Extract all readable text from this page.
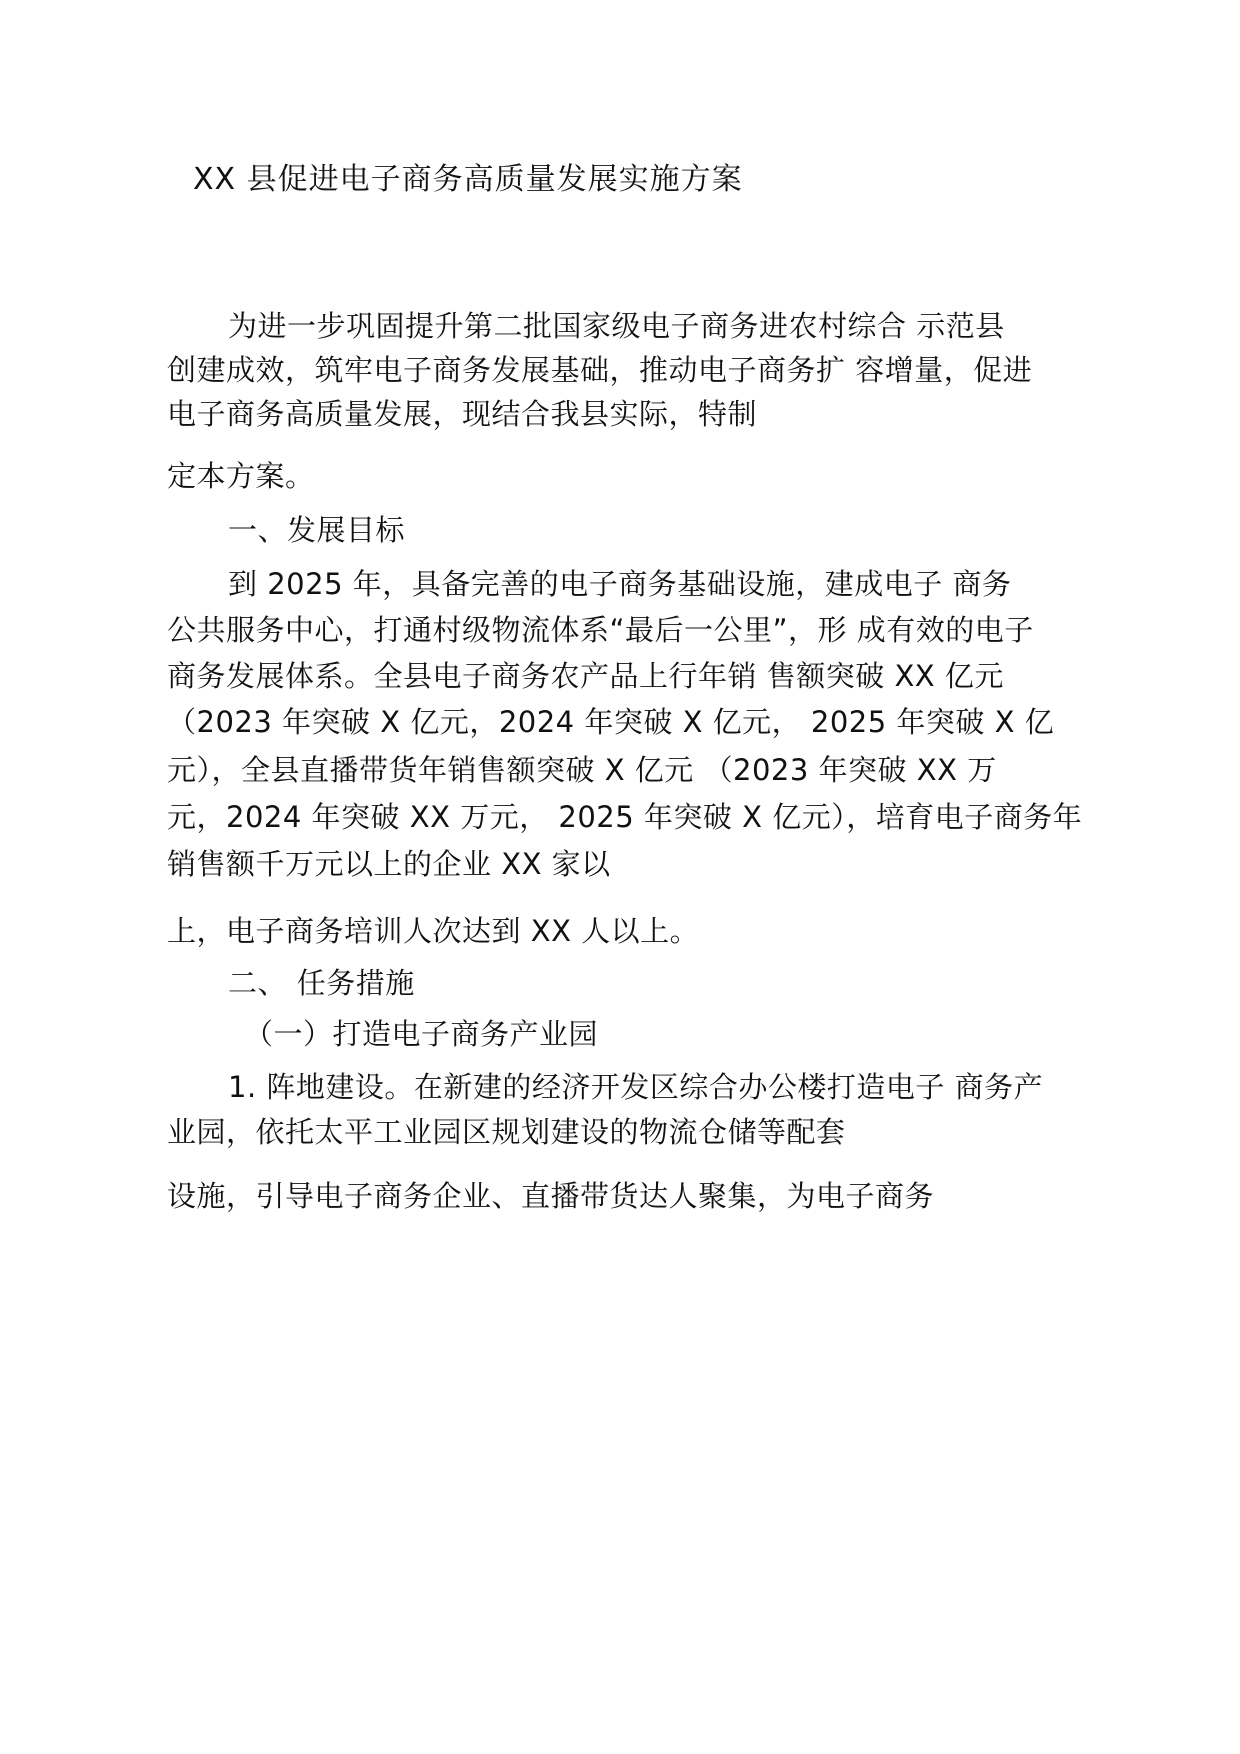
XX 县促进电子商务高质量发展实施方案
为进一步巩固提升第二批国家级电子商务进农村综合 示范县
创建成效，筑牢电子商务发展基础，推动电子商务扩 容增量，促进
电子商务高质量发展，现结合我县实际，特制
定本方案。
一、发展目标
到 2025 年，具备完善的电子商务基础设施，建成电子 商务
公共服务中心，打通村级物流体系“最后一公里”，形 成有效的电子
商务发展体系。全县电子商务农产品上行年销 售额突破 XX 亿元
（2023 年突破 X 亿元，2024 年突破 X 亿元， 2025 年突破 X 亿
元），全县直播带货年销售额突破 X 亿元 （2023 年突破 XX 万
元，2024 年突破 XX 万元， 2025 年突破 X 亿元），培育电子商务年
销售额千万元以上的企业 XX 家以
上，电子商务培训人次达到 XX 人以上。
二、 任务措施
（一）打造电子商务产业园
1. 阵地建设。在新建的经济开发区综合办公楼打造电子 商务产
业园，依托太平工业园区规划建设的物流仓储等配套
设施，引导电子商务企业、直播带货达人聚集，为电子商务
